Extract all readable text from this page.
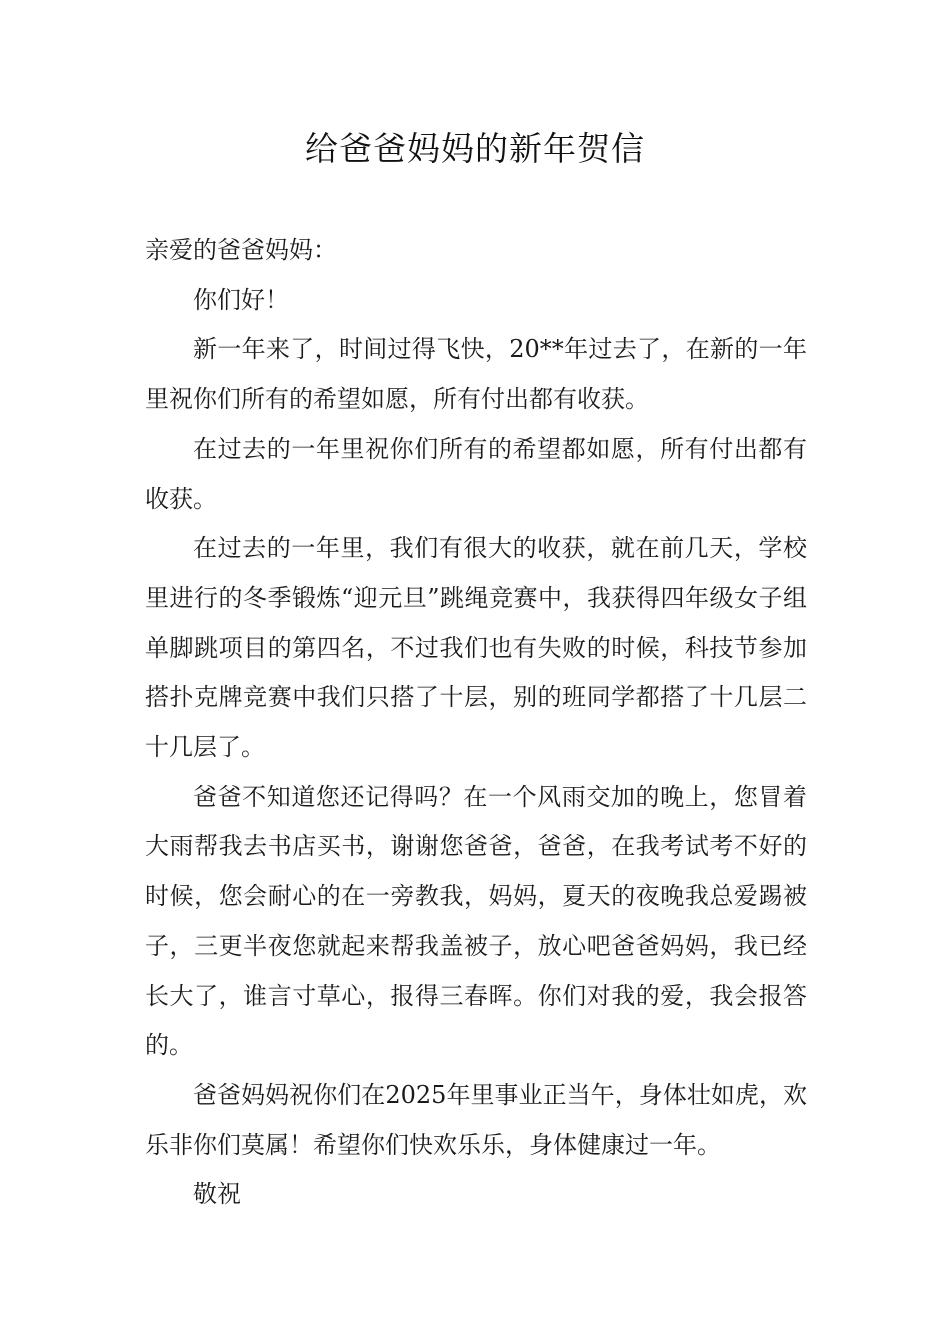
给爸爸妈妈的新年贺信

亲爱的爸爸妈妈：

你们好！

新一年来了，时间过得飞快，20**年过去了，在新的一年里祝你们所有的希望如愿，所有付出都有收获。

在过去的一年里祝你们所有的希望都如愿，所有付出都有收获。

在过去的一年里，我们有很大的收获，就在前几天，学校里进行的冬季锻炼“迎元旦”跳绳竞赛中，我获得四年级女子组单脚跳项目的第四名，不过我们也有失败的时候，科技节参加搭扑克牌竞赛中我们只搭了十层，别的班同学都搭了十几层二十几层了。

爸爸不知道您还记得吗？在一个风雨交加的晚上，您冒着大雨帮我去书店买书，谢谢您爸爸，爸爸，在我考试考不好的时候，您会耐心的在一旁教我，妈妈，夏天的夜晚我总爱踢被子，三更半夜您就起来帮我盖被子，放心吧爸爸妈妈，我已经长大了，谁言寸草心，报得三春晖。你们对我的爱，我会报答的。

爸爸妈妈祝你们在2025年里事业正当午，身体壮如虎，欢乐非你们莫属！希望你们快欢乐乐，身体健康过一年。

敬祝
